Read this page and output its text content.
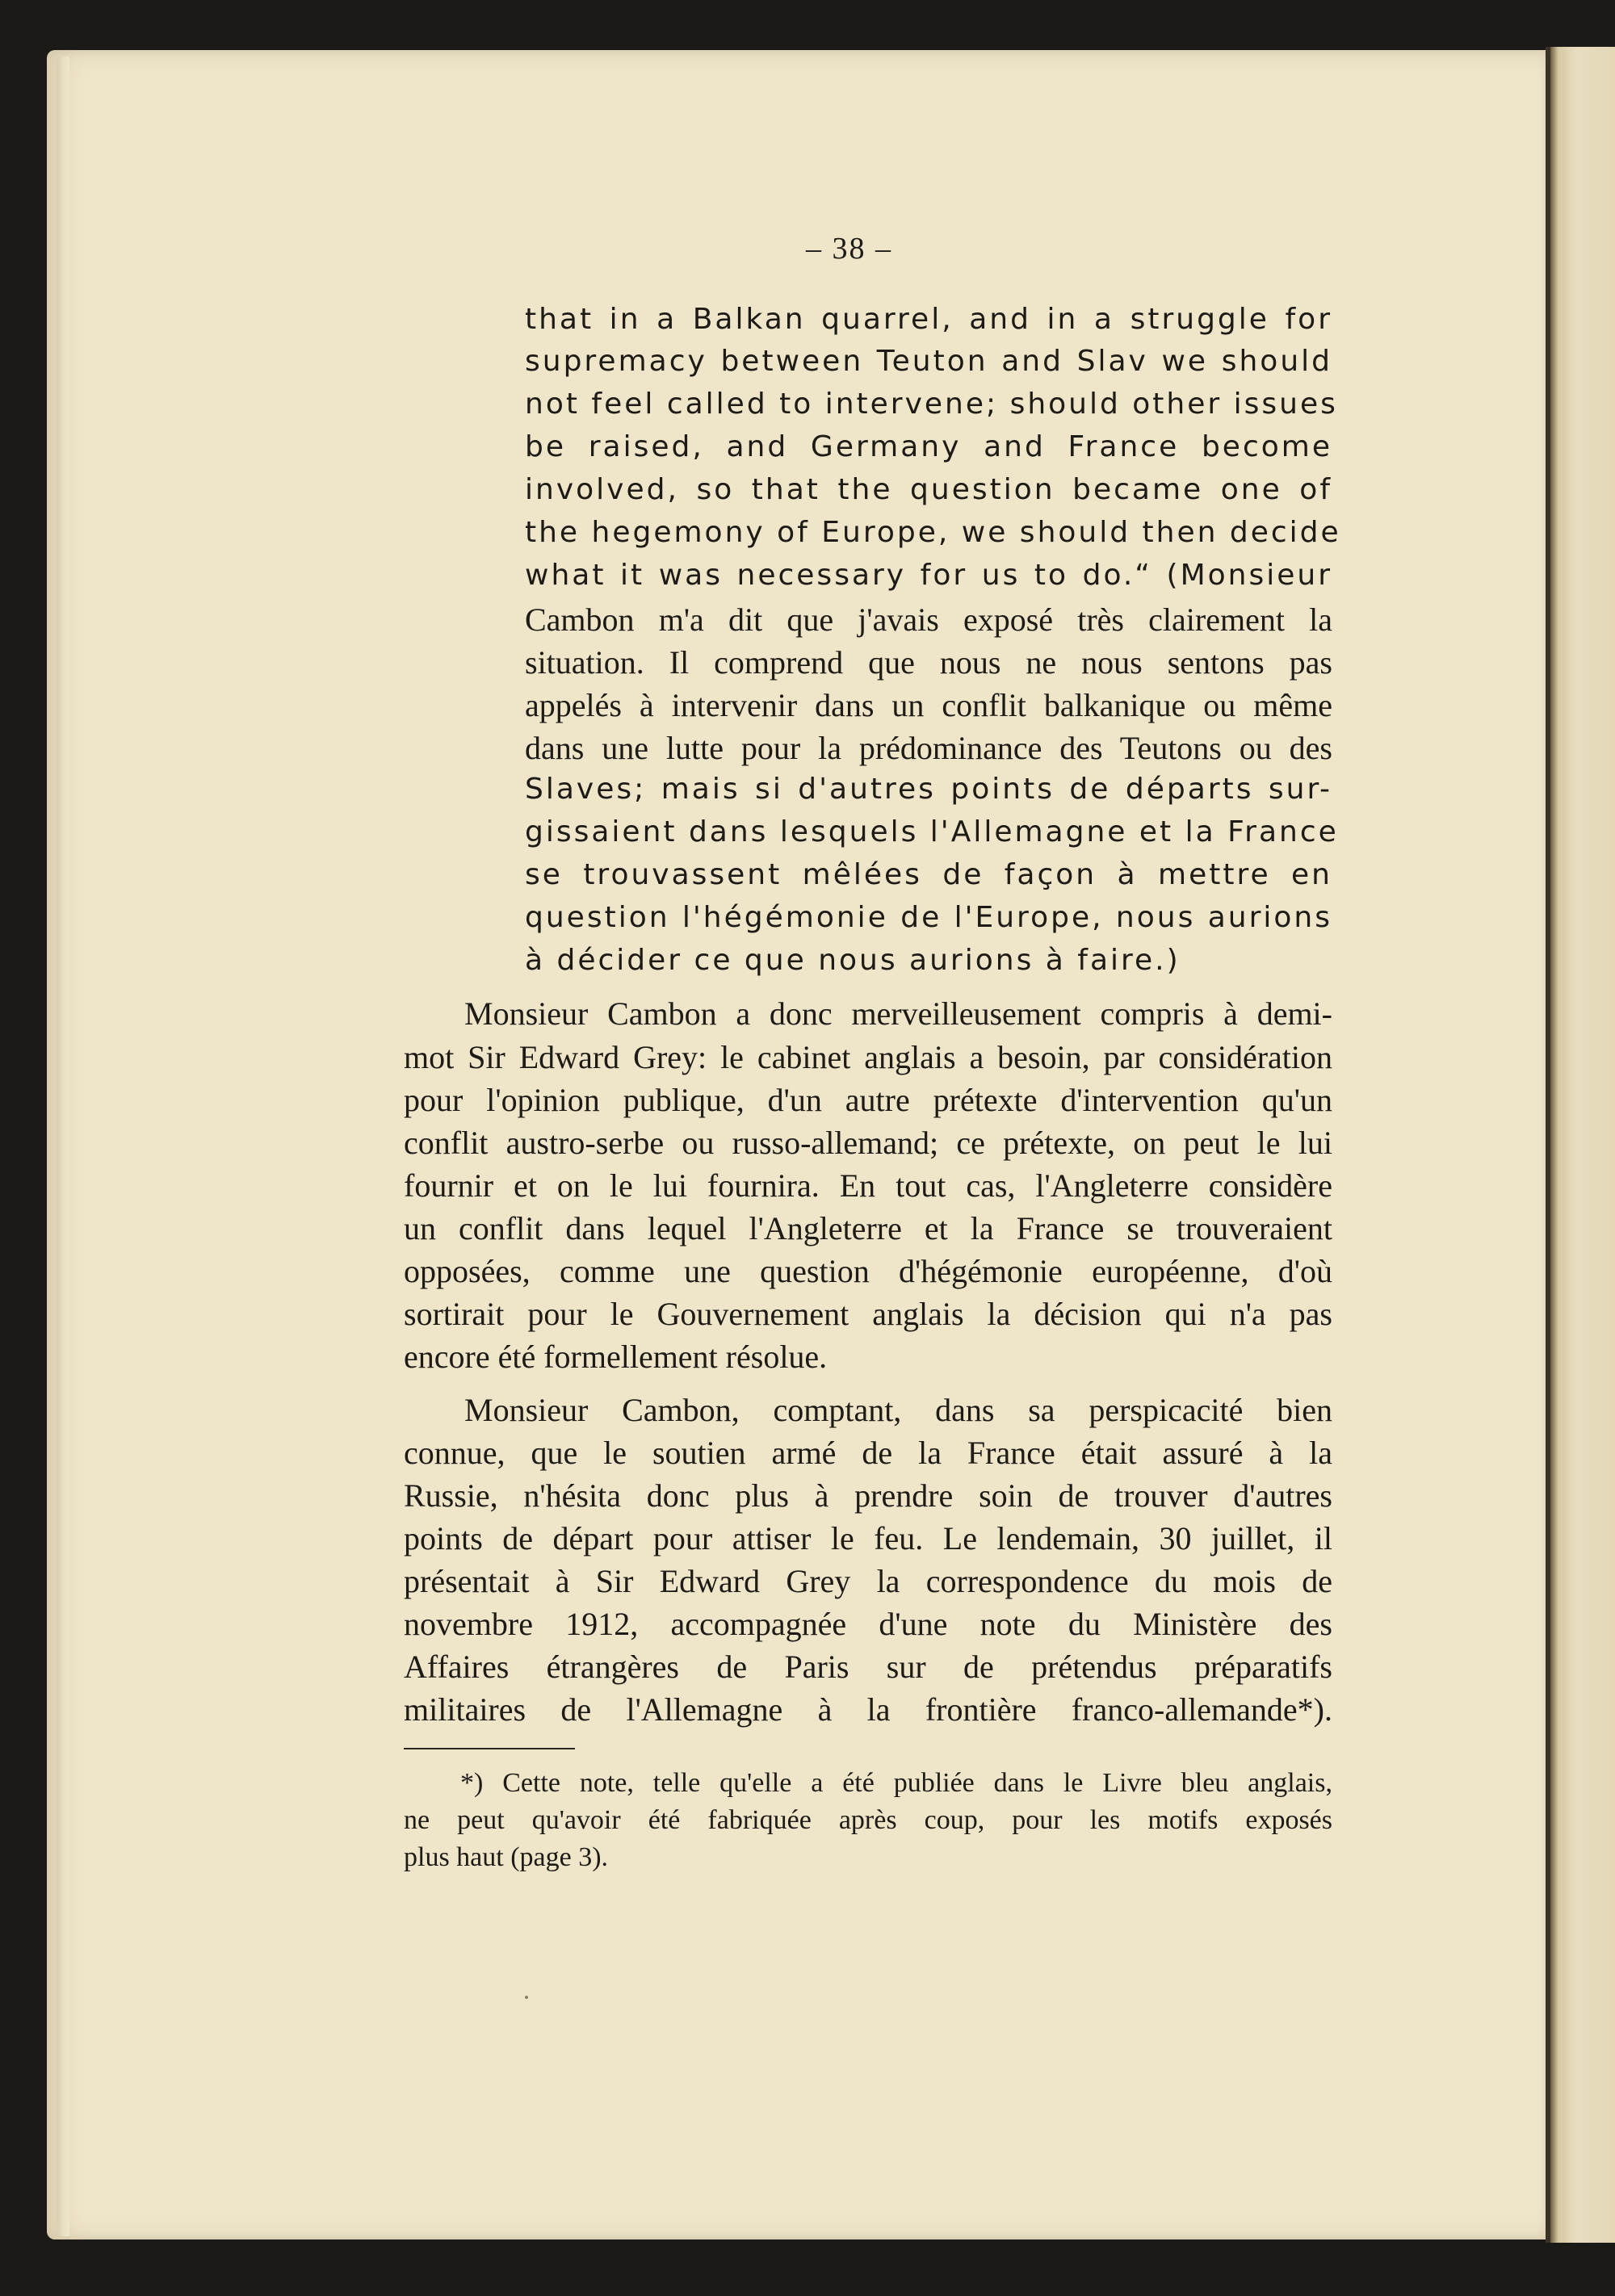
– 38 –
that in a Balkan quarrel, and in a struggle for
supremacy between Teuton and Slav we should
not feel called to intervene; should other issues
be raised, and Germany and France become
involved, so that the question became one of
the hegemony of Europe, we should then decide
what it was necessary for us to do.“ (Monsieur
Cambon m'a dit que j'avais exposé très clairement la
situation. Il comprend que nous ne nous sentons pas
appelés à intervenir dans un conflit balkanique ou même
dans une lutte pour la prédominance des Teutons ou des
Slaves; mais si d'autres points de départs sur-
gissaient dans lesquels l'Allemagne et la France
se trouvassent mêlées de façon à mettre en
question l'hégémonie de l'Europe, nous aurions
à décider ce que nous aurions à faire.)
Monsieur Cambon a donc merveilleusement compris à demi-
mot Sir Edward Grey: le cabinet anglais a besoin, par considération
pour l'opinion publique, d'un autre prétexte d'intervention qu'un
conflit austro-serbe ou russo-allemand; ce prétexte, on peut le lui
fournir et on le lui fournira. En tout cas, l'Angleterre considère
un conflit dans lequel l'Angleterre et la France se trouveraient
opposées, comme une question d'hégémonie européenne, d'où
sortirait pour le Gouvernement anglais la décision qui n'a pas
encore été formellement résolue.
Monsieur Cambon, comptant, dans sa perspicacité bien
connue, que le soutien armé de la France était assuré à la
Russie, n'hésita donc plus à prendre soin de trouver d'autres
points de départ pour attiser le feu. Le lendemain, 30 juillet, il
présentait à Sir Edward Grey la correspondence du mois de
novembre 1912, accompagnée d'une note du Ministère des
Affaires étrangères de Paris sur de prétendus préparatifs
militaires de l'Allemagne à la frontière franco-allemande*).
*) Cette note, telle qu'elle a été publiée dans le Livre bleu anglais,
ne peut qu'avoir été fabriquée après coup, pour les motifs exposés
plus haut (page 3).
